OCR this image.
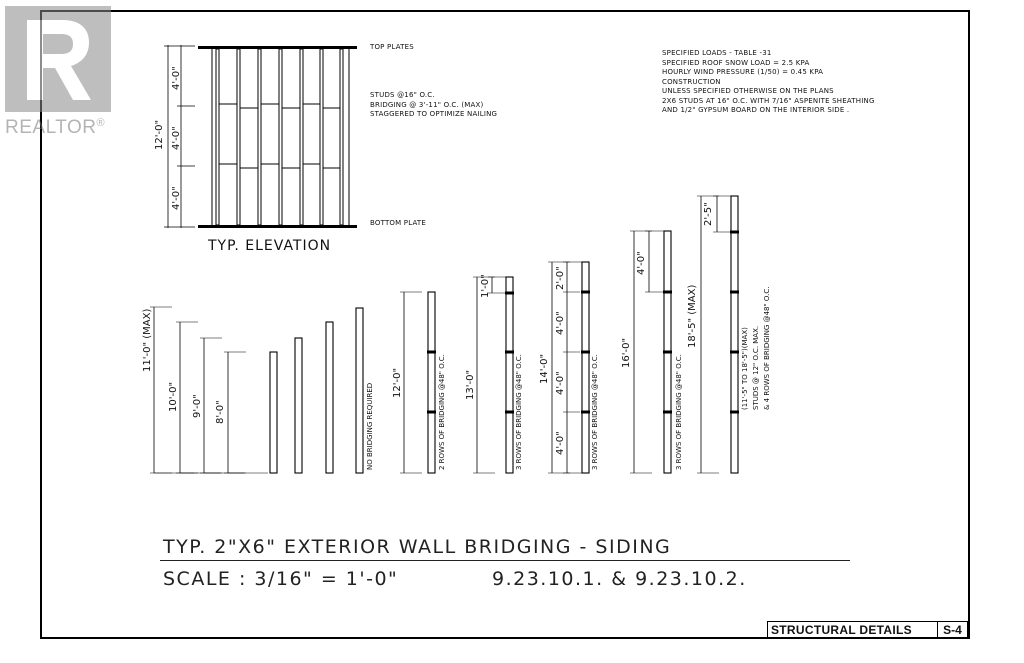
REALTOR®
TOP PLATES
BOTTOM PLATE
STUDS @16" O.C.
BRIDGING @ 3'-11" O.C. (MAX)
STAGGERED TO OPTIMIZE NAILING
TYP. ELEVATION
12'-0"
4'-0"
4'-0"
4'-0"
SPECIFIED LOADS - TABLE -31
SPECIFIED ROOF SNOW LOAD = 2.5 KPA
HOURLY WIND PRESSURE (1/50) = 0.45 KPA
CONSTRUCTION
UNLESS SPECIFIED OTHERWISE ON THE PLANS
2X6 STUDS AT 16" O.C. WITH 7/16" ASPENITE SHEATHING
AND 1/2" GYPSUM BOARD ON THE INTERIOR SIDE .
11'-0" (MAX)
10'-0" 9'-0" 8'-0"	NO BRIDGING REQUIRED 12'-0"	2 ROWS OF BRIDGING @48" O.C. 13'-0"
1'-0"
3 ROWS OF BRIDGING @48" O.C. 14'-0"
2'-0"
4'-0"
4'-0"
4'-0"	3 ROWS OF BRIDGING @48" O.C.
16'-0"
4'-0"
3 ROWS OF BRIDGING @48" O.C.
18'-5" (MAX)
2'-5"
(11'-5" TO 18'-5")(MAX) STUDS @ 12" O.C. MAX. & 4 ROWS OF BRIDGING @48" O.C.
TYP. 2"X6" EXTERIOR WALL BRIDGING - SIDING
SCALE : 3/16" = 1'-0"	9.23.10.1. & 9.23.10.2.
STRUCTURAL DETAILS	S-4
